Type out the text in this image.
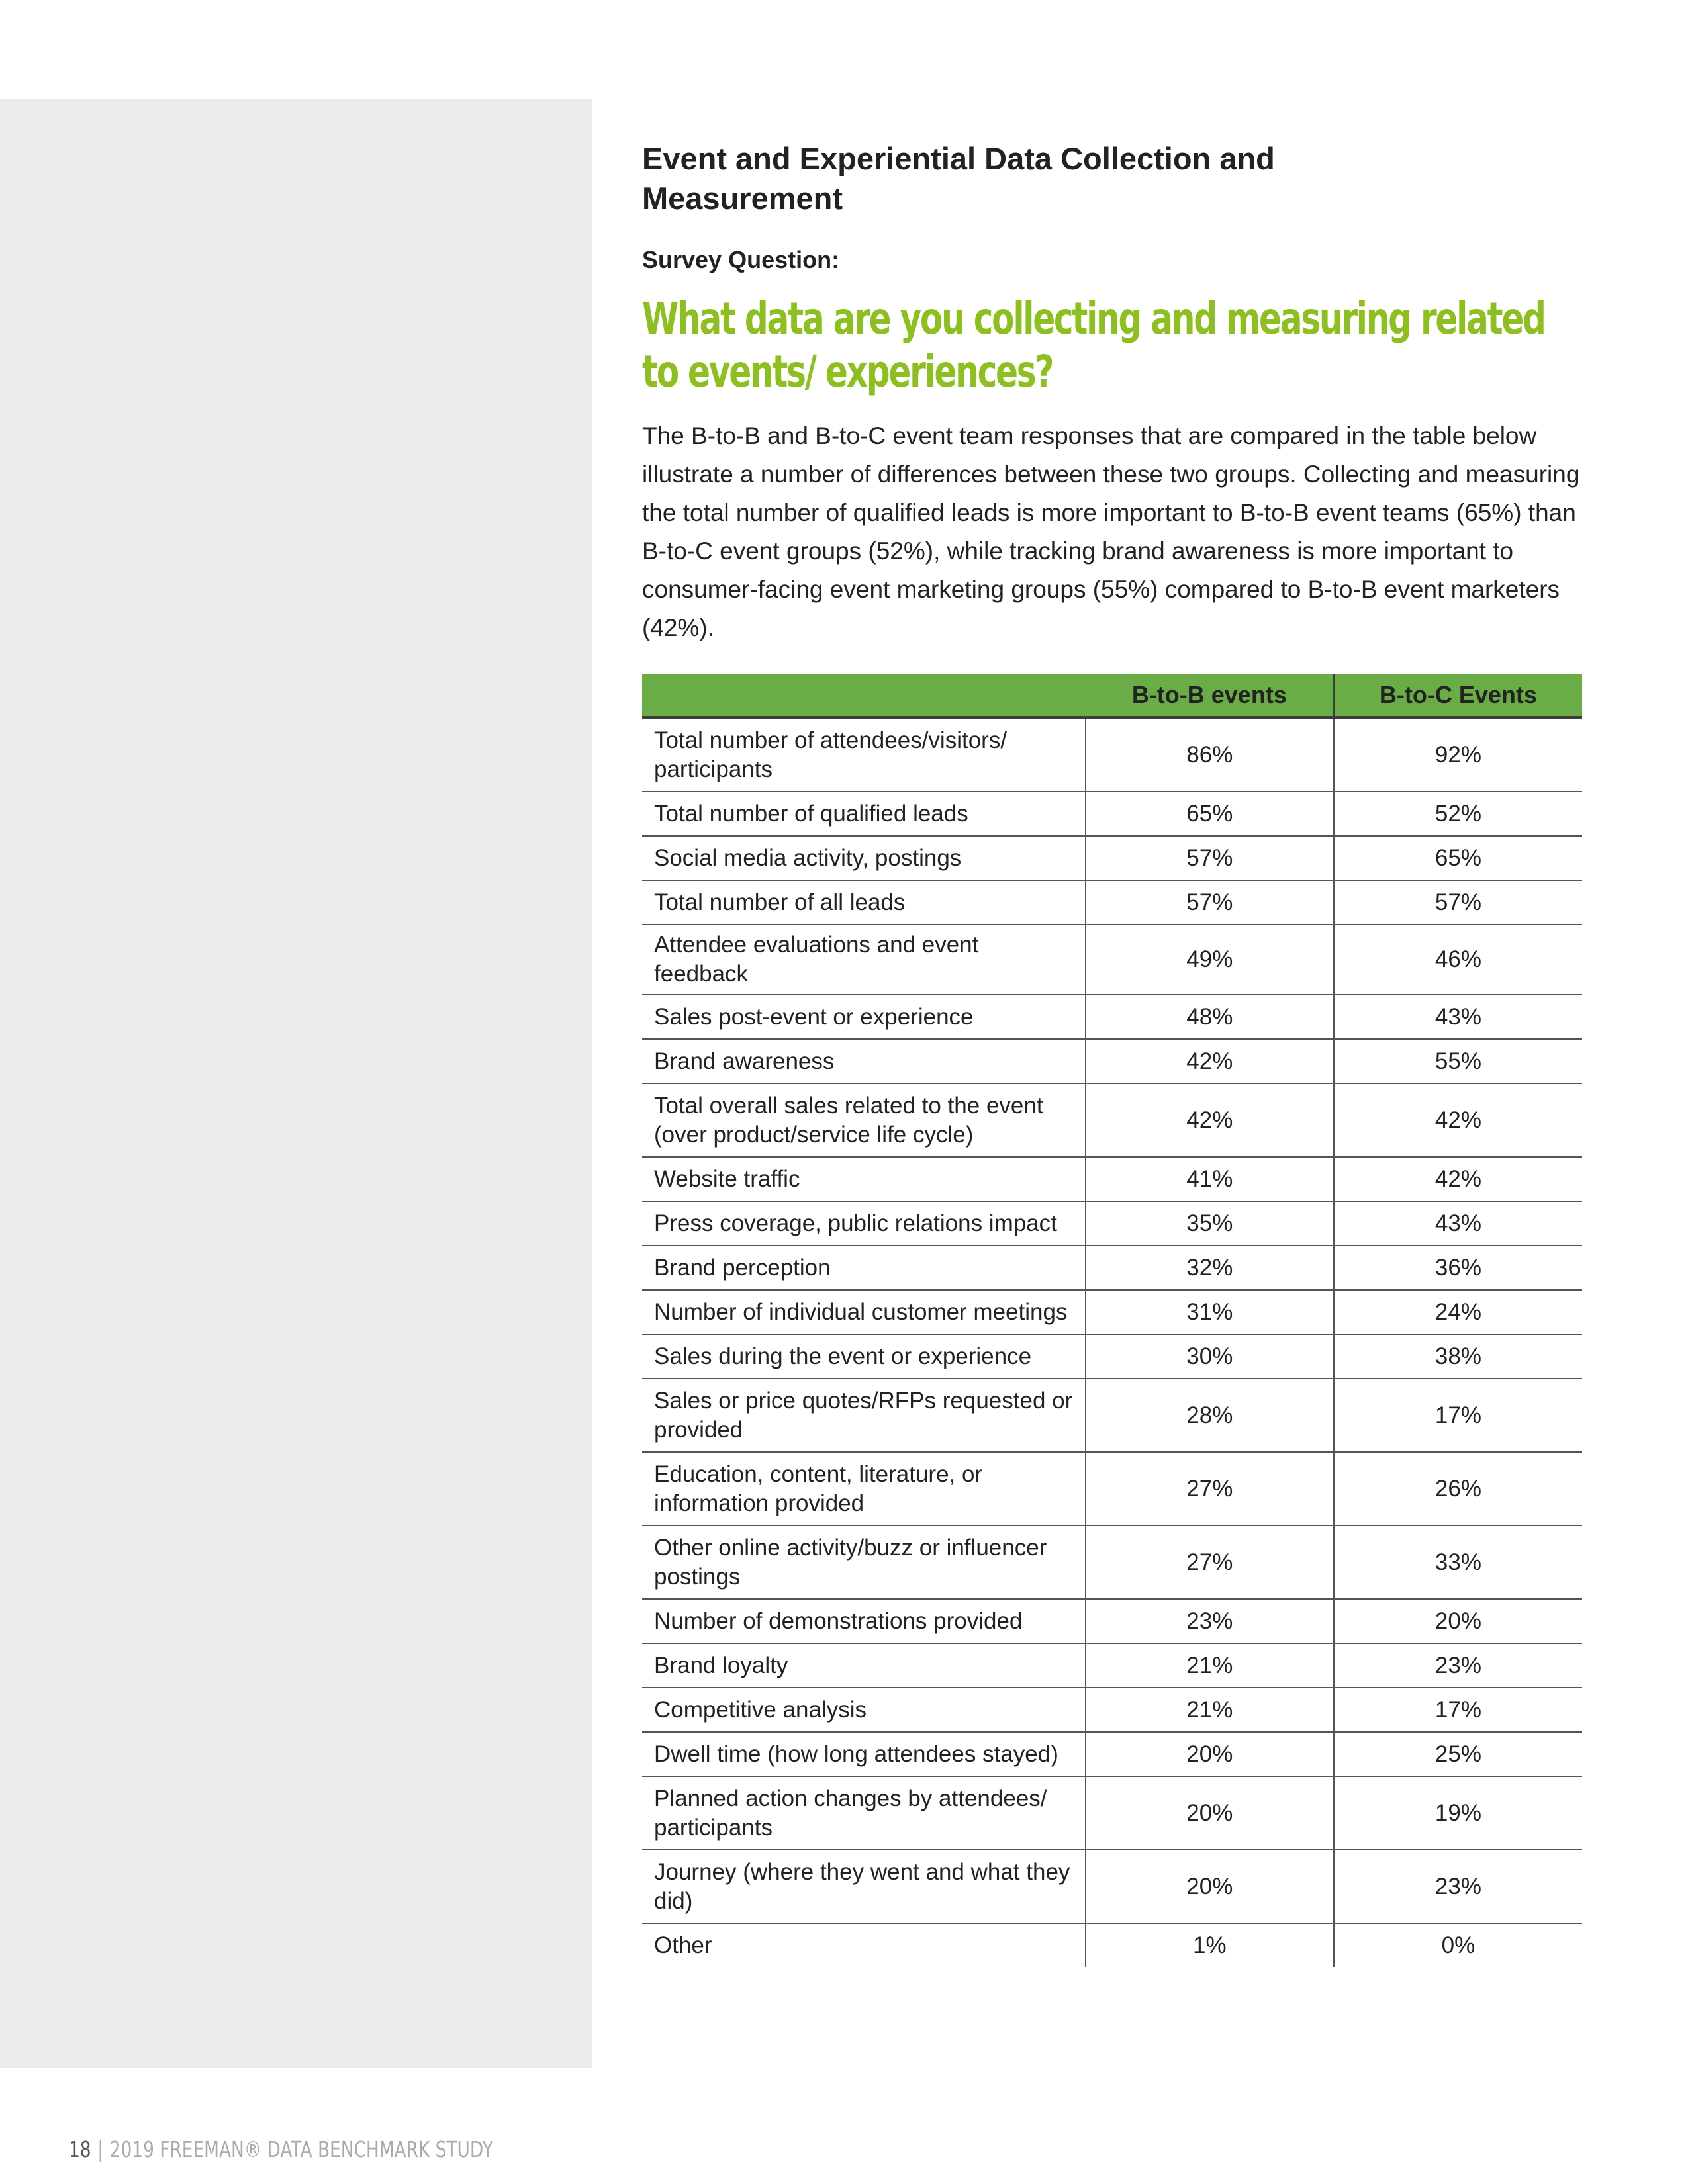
Event and Experiential Data Collection and Measurement
Survey Question:
What data are you collecting and measuring related to events/ experiences?

The B-to-B and B-to-C event team responses that are compared in the table below illustrate a number of differences between these two groups. Collecting and measuring the total number of qualified leads is more important to B-to-B event teams (65%) than B-to-C event groups (52%), while tracking brand awareness is more important to consumer-facing event marketing groups (55%) compared to B-to-B event marketers (42%).

	B-to-B events	B-to-C Events
Total number of attendees/visitors/ participants	86%	92%
Total number of qualified leads	65%	52%
Social media activity, postings	57%	65%
Total number of all leads	57%	57%
Attendee evaluations and event feedback	49%	46%
Sales post-event or experience	48%	43%
Brand awareness	42%	55%
Total overall sales related to the event (over product/service life cycle)	42%	42%
Website traffic	41%	42%
Press coverage, public relations impact	35%	43%
Brand perception	32%	36%
Number of individual customer meetings	31%	24%
Sales during the event or experience	30%	38%
Sales or price quotes/RFPs requested or provided	28%	17%
Education, content, literature, or information provided	27%	26%
Other online activity/buzz or influencer postings	27%	33%
Number of demonstrations provided	23%	20%
Brand loyalty	21%	23%
Competitive analysis	21%	17%
Dwell time (how long attendees stayed)	20%	25%
Planned action changes by attendees/ participants	20%	19%
Journey (where they went and what they did)	20%	23%
Other	1%	0%
18 | 2019 FREEMAN® DATA BENCHMARK STUDY
